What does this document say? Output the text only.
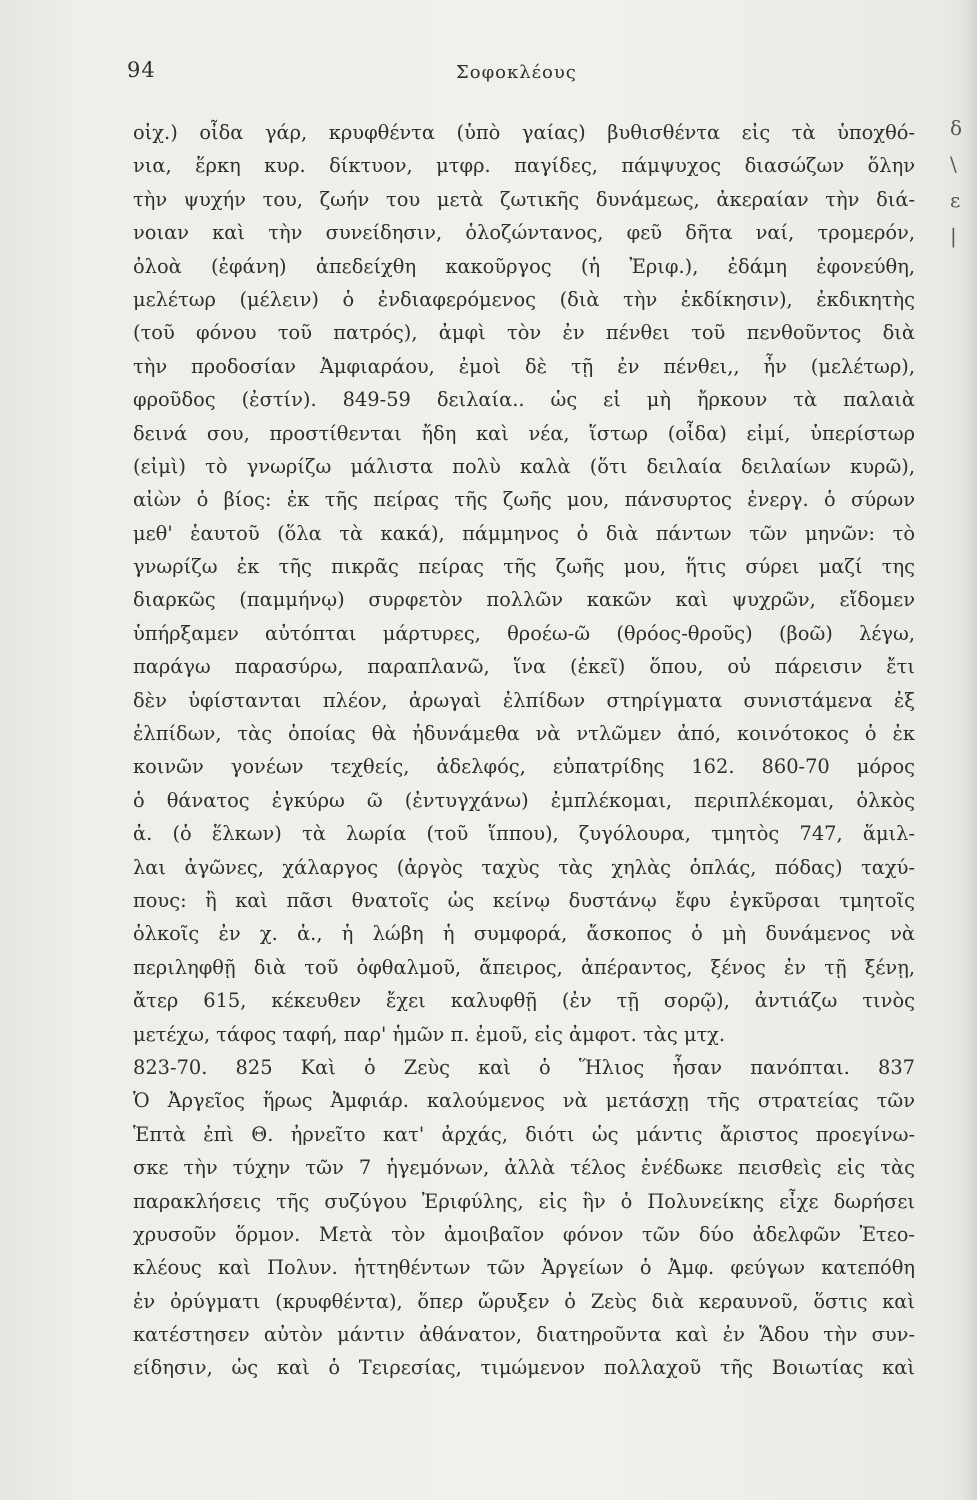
94	Σοφοκλέους
οἰχ.) οἶδα γάρ, κρυφθέντα (ὑπὸ γαίας) βυθισθέντα εἰς τὰ ὑποχθό-
νια, ἕρκη κυρ. δίκτυον, μτφρ. παγίδες, πάμψυχος διασώζων ὅλην
τὴν ψυχήν του, ζωήν του μετὰ ζωτικῆς δυνάμεως, ἀκεραίαν τὴν διά-
νοιαν καὶ τὴν συνείδησιν, ὁλοζώντανος, φεῦ δῆτα ναί, τρομερόν,
ὀλοὰ (ἐφάνη) ἀπεδείχθη κακοῦργος (ἡ Ἐριφ.), ἐδάμη ἐφονεύθη,
μελέτωρ (μέλειν) ὁ ἐνδιαφερόμενος (διὰ τὴν ἐκδίκησιν), ἐκδικητὴς
(τοῦ φόνου τοῦ πατρός), ἀμφὶ τὸν ἐν πένθει τοῦ πενθοῦντος διὰ
τὴν προδοσίαν Ἀμφιαράου, ἐμοὶ δὲ τῇ ἐν πένθει,, ἦν (μελέτωρ),
φροῦδος (ἐστίν). 849-59 δειλαία.. ὡς εἰ μὴ ἤρκουν τὰ παλαιὰ
δεινά σου, προστίθενται ἤδη καὶ νέα, ἵστωρ (οἶδα) εἰμί, ὑπερίστωρ
(εἰμὶ) τὸ γνωρίζω μάλιστα πολὺ καλὰ (ὅτι δειλαία δειλαίων κυρῶ),
αἰὼν ὁ βίος: ἐκ τῆς πείρας τῆς ζωῆς μου, πάνσυρτος ἐνεργ. ὁ σύρων
μεθ' ἑαυτοῦ (ὅλα τὰ κακά), πάμμηνος ὁ διὰ πάντων τῶν μηνῶν: τὸ
γνωρίζω ἐκ τῆς πικρᾶς πείρας τῆς ζωῆς μου, ἥτις σύρει μαζί της
διαρκῶς (παμμήνῳ) συρφετὸν πολλῶν κακῶν καὶ ψυχρῶν, εἴδομεν
ὑπήρξαμεν αὐτόπται μάρτυρες, θροέω-ῶ (θρόος-θροῦς) (βοῶ) λέγω,
παράγω παρασύρω, παραπλανῶ, ἵνα (ἐκεῖ) ὅπου, οὐ πάρεισιν ἔτι
δὲν ὑφίστανται πλέον, ἀρωγαὶ ἐλπίδων στηρίγματα συνιστάμενα ἐξ
ἐλπίδων, τὰς ὁποίας θὰ ἠδυνάμεθα νὰ ντλῶμεν ἀπό, κοινότοκος ὁ ἐκ
κοινῶν γονέων τεχθείς, ἀδελφός, εὐπατρίδης 162. 860-70 μόρος
ὁ θάνατος ἐγκύρω ῶ (ἐντυγχάνω) ἐμπλέκομαι, περιπλέκομαι, ὁλκὸς
ἀ. (ὁ ἕλκων) τὰ λωρία (τοῦ ἵππου), ζυγόλουρα, τμητὸς 747, ἅμιλ-
λαι ἀγῶνες, χάλαργος (ἀργὸς ταχὺς τὰς χηλὰς ὁπλάς, πόδας) ταχύ-
πους: ἢ καὶ πᾶσι θνατοῖς ὡς κείνῳ δυστάνῳ ἔφυ ἐγκῦρσαι τμητοῖς
ὁλκοῖς ἐν χ. ἁ., ἡ λώβη ἡ συμφορά, ἄσκοπος ὁ μὴ δυνάμενος νὰ
περιληφθῇ διὰ τοῦ ὀφθαλμοῦ, ἄπειρος, ἀπέραντος, ξένος ἐν τῇ ξένῃ,
ἄτερ 615, κέκευθεν ἔχει καλυφθῇ (ἐν τῇ σορῷ), ἀντιάζω τινὸς
μετέχω, τάφος ταφή, παρ' ἡμῶν π. ἐμοῦ, εἰς ἀμφοτ. τὰς μτχ.
823-70. 825 Καὶ ὁ Ζεὺς καὶ ὁ Ἥλιος ἦσαν πανόπται. 837
Ὁ Ἀργεῖος ἥρως Ἀμφιάρ. καλούμενος νὰ μετάσχῃ τῆς στρατείας τῶν
Ἑπτὰ ἐπὶ Θ. ἠρνεῖτο κατ' ἀρχάς, διότι ὡς μάντις ἄριστος προεγίνω-
σκε τὴν τύχην τῶν 7 ἡγεμόνων, ἀλλὰ τέλος ἐνέδωκε πεισθεὶς εἰς τὰς
παρακλήσεις τῆς συζύγου Ἐριφύλης, εἰς ἣν ὁ Πολυνείκης εἶχε δωρήσει
χρυσοῦν ὅρμον. Μετὰ τὸν ἀμοιβαῖον φόνον τῶν δύο ἀδελφῶν Ἐτεο-
κλέους καὶ Πολυν. ἡττηθέντων τῶν Ἀργείων ὁ Ἀμφ. φεύγων κατεπόθη
ἐν ὀρύγματι (κρυφθέντα), ὅπερ ὤρυξεν ὁ Ζεὺς διὰ κεραυνοῦ, ὅστις καὶ
κατέστησεν αὐτὸν μάντιν ἀθάνατον, διατηροῦντα καὶ ἐν Ἅδου τὴν συν-
είδησιν, ὡς καὶ ὁ Τειρεσίας, τιμώμενον πολλαχοῦ τῆς Βοιωτίας καὶ
δ
\
ε
|
